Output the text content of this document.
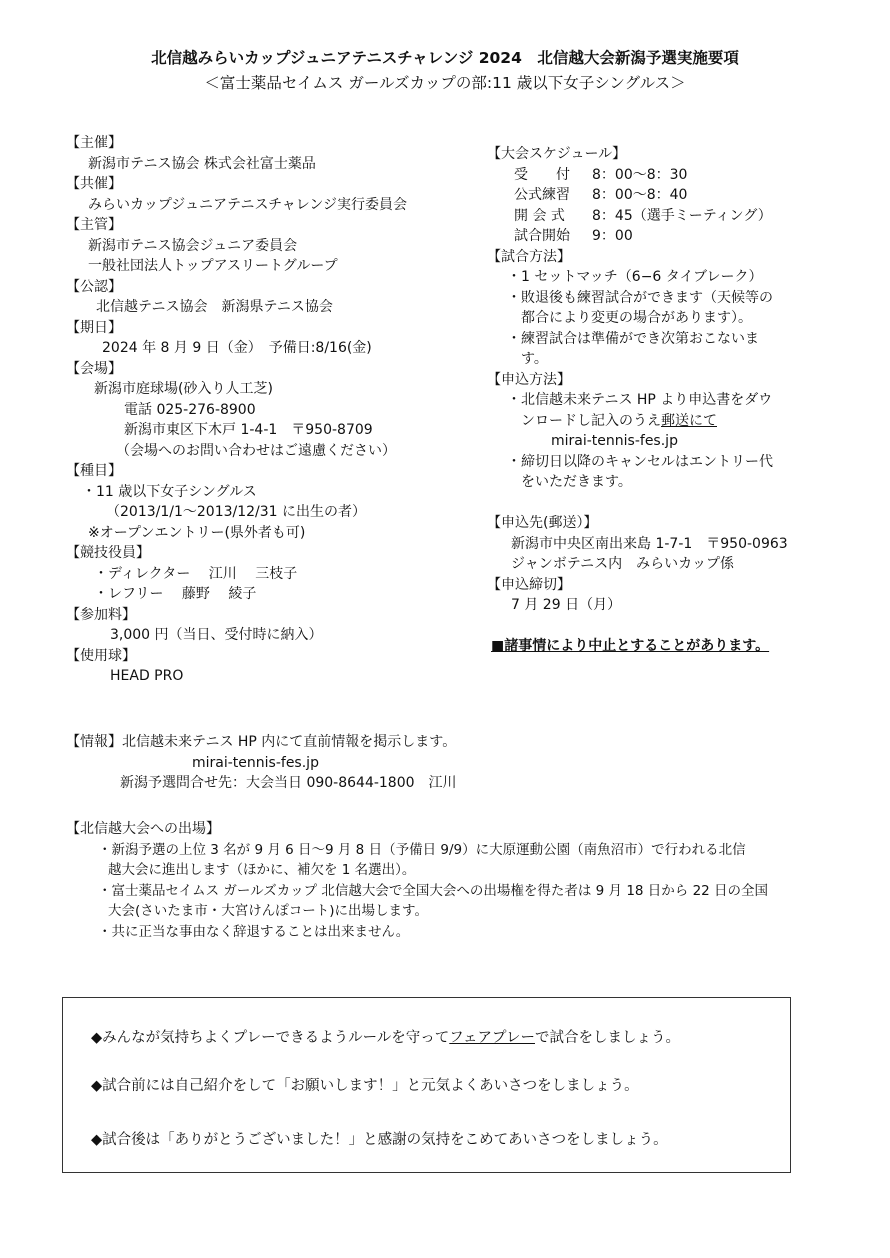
北信越みらいカップジュニアテニスチャレンジ 2024　北信越大会新潟予選実施要項
＜富士薬品セイムス ガールズカップの部:11 歳以下女子シングルス＞
【主催】
新潟市テニス協会 株式会社富士薬品
【共催】
みらいカップジュニアテニスチャレンジ実行委員会
【主管】
新潟市テニス協会ジュニア委員会
一般社団法人トップアスリートグループ
【公認】
北信越テニス協会　新潟県テニス協会
【期日】
2024 年 8 月 9 日（金）　予備日:8/16(金)
【会場】
新潟市庭球場(砂入り人工芝)
電話 025-276-8900
新潟市東区下木戸 1-4-1　〒950-8709
（会場へのお問い合わせはご遠慮ください）
【種目】
・11 歳以下女子シングルス
（2013/1/1～2013/12/31 に出生の者）
※オープンエントリー(県外者も可)
【競技役員】
・ディレクター　 江川　 三枝子
・レフリー　 藤野　 綾子
【参加料】
3,000 円（当日、受付時に納入）
【使用球】
HEAD PRO
【大会スケジュール】
受　　付 8：00～8：30
公式練習 8：00～8：40
開 会 式 8：45（選手ミーティング）
試合開始 9：00
【試合方法】
・1 セットマッチ（6−6 タイブレーク）
・敗退後も練習試合ができます（天候等の
都合により変更の場合があります）。
・練習試合は準備ができ次第おこないま
す。
【申込方法】
・北信越未来テニス HP より申込書をダウ
ンロードし記入のうえ郵送にて
mirai-tennis-fes.jp
・締切日以降のキャンセルはエントリー代
をいただきます。
【申込先(郵送）】
新潟市中央区南出来島 1-7-1　〒950-0963
ジャンボテニス内　みらいカップ係
【申込締切】
7 月 29 日（月）
■諸事情により中止とすることがあります。
【情報】北信越未来テニス HP 内にて直前情報を掲示します。
mirai-tennis-fes.jp
新潟予選問合せ先：大会当日 090-8644-1800　江川
【北信越大会への出場】
・新潟予選の上位 3 名が 9 月 6 日～9 月 8 日（予備日 9/9）に大原運動公園（南魚沼市）で行われる北信
越大会に進出します（ほかに、補欠を 1 名選出）。
・富士薬品セイムス ガールズカップ 北信越大会で全国大会への出場権を得た者は 9 月 18 日から 22 日の全国
大会(さいたま市・大宮けんぽコート)に出場します。
・共に正当な事由なく辞退することは出来ません。
◆みんなが気持ちよくプレーできるようルールを守ってフェアプレーで試合をしましょう。
◆試合前には自己紹介をして「お願いします！」と元気よくあいさつをしましょう。
◆試合後は「ありがとうございました！」と感謝の気持をこめてあいさつをしましょう。
